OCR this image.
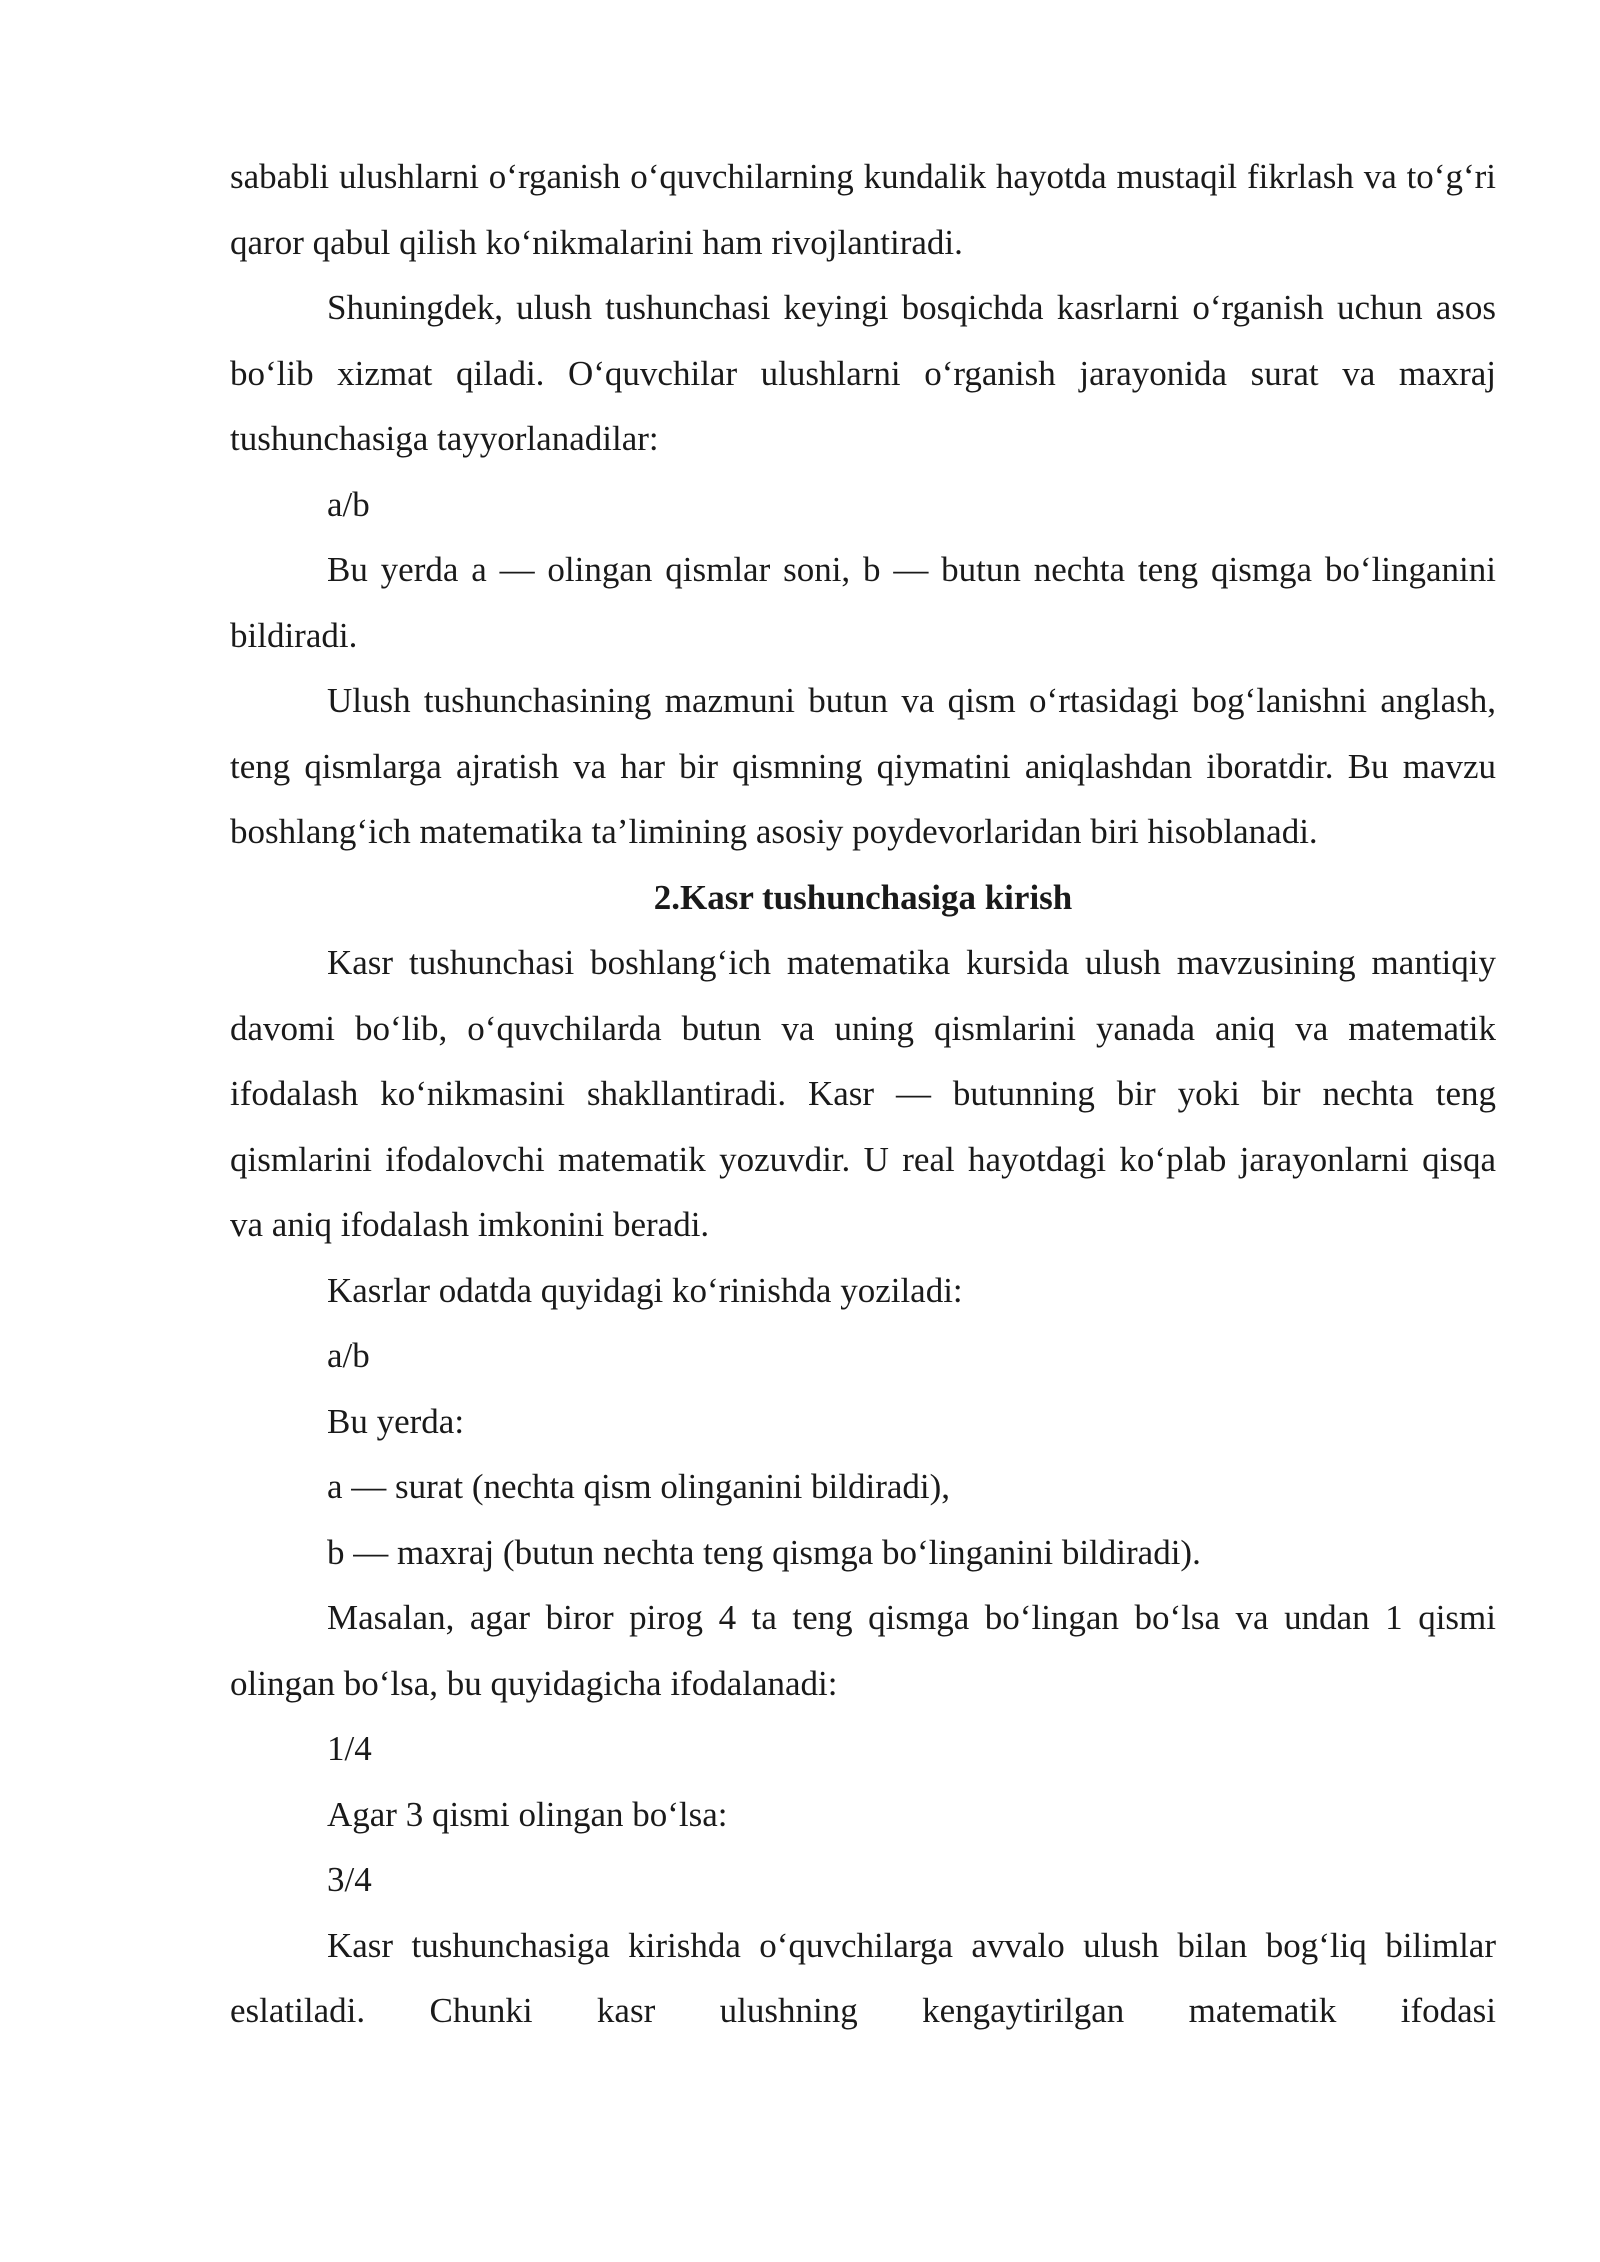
sababli ulushlarni o‘rganish o‘quvchilarning kundalik hayotda mustaqil fikrlash va to‘g‘ri qaror qabul qilish ko‘nikmalarini ham rivojlantiradi.

Shuningdek, ulush tushunchasi keyingi bosqichda kasrlarni o‘rganish uchun asos bo‘lib xizmat qiladi. O‘quvchilar ulushlarni o‘rganish jarayonida surat va maxraj tushunchasiga tayyorlanadilar:

a/b

Bu yerda a — olingan qismlar soni, b — butun nechta teng qismga bo‘linganini bildiradi.

Ulush tushunchasining mazmuni butun va qism o‘rtasidagi bog‘lanishni anglash, teng qismlarga ajratish va har bir qismning qiymatini aniqlashdan iboratdir. Bu mavzu boshlang‘ich matematika ta’limining asosiy poydevorlaridan biri hisoblanadi.

2.Kasr tushunchasiga kirish

Kasr tushunchasi boshlang‘ich matematika kursida ulush mavzusining mantiqiy davomi bo‘lib, o‘quvchilarda butun va uning qismlarini yanada aniq va matematik ifodalash ko‘nikmasini shakllantiradi. Kasr — butunning bir yoki bir nechta teng qismlarini ifodalovchi matematik yozuvdir. U real hayotdagi ko‘plab jarayonlarni qisqa va aniq ifodalash imkonini beradi.

Kasrlar odatda quyidagi ko‘rinishda yoziladi:

a/b

Bu yerda:

a — surat (nechta qism olinganini bildiradi),

b — maxraj (butun nechta teng qismga bo‘linganini bildiradi).

Masalan, agar biror pirog 4 ta teng qismga bo‘lingan bo‘lsa va undan 1 qismi olingan bo‘lsa, bu quyidagicha ifodalanadi:

1/4

Agar 3 qismi olingan bo‘lsa:

3/4

Kasr tushunchasiga kirishda o‘quvchilarga avvalo ulush bilan bog‘liq bilimlar eslatiladi. Chunki kasr ulushning kengaytirilgan matematik ifodasi
